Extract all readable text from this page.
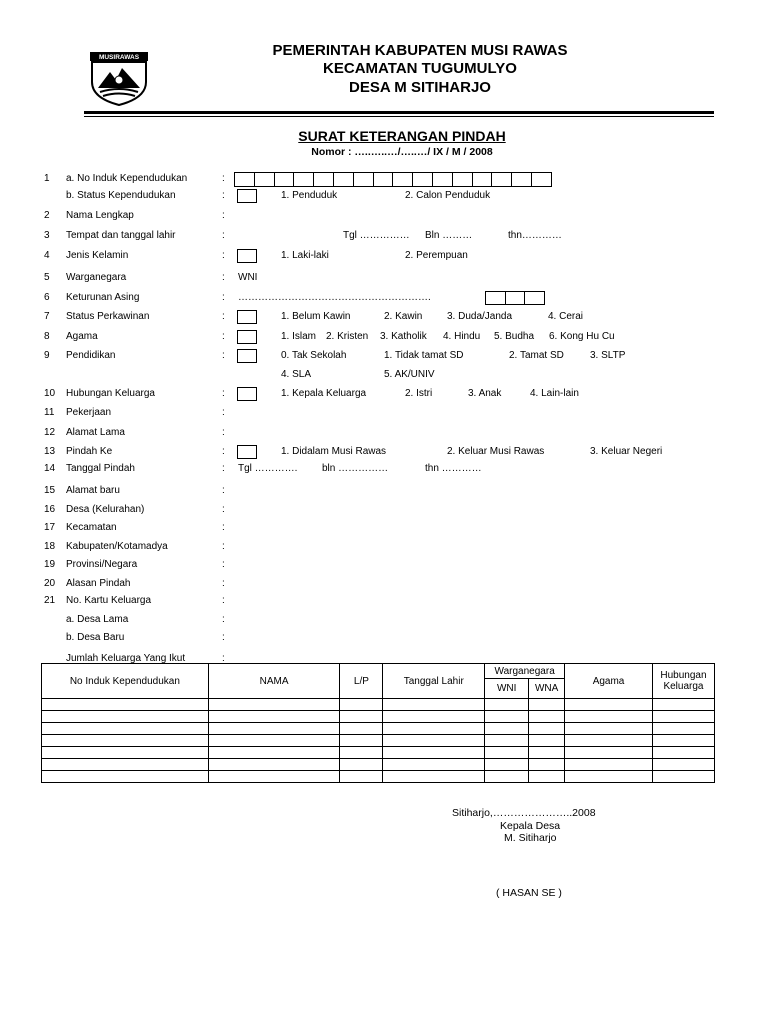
MUSIRAWAS	PEMERINTAH KABUPATEN MUSI RAWAS
KECAMATAN TUGUMULYO
DESA M SITIHARJO
SURAT KETERANGAN PINDAH
Nomor : …..…..…/…..…/ IX / M / 2008
1	a. No Induk Kependudukan	:
b. Status Kependudukan	:	1. Penduduk	2. Calon Penduduk
2	Nama Lengkap	:
3	Tempat dan tanggal lahir	:	Tgl …………… Bln ………	thn…………
4	Jenis Kelamin	:	1. Laki-laki	2. Perempuan
5	Warganegara	: WNI
6	Keturunan Asing	: ………………………………………………….
7	Status Perkawinan	:	1. Belum Kawin	2. Kawin 3. Duda/Janda	4. Cerai
8	Agama	:	1. Islam 2. Kristen 3. Katholik 4. Hindu 5. Budha 6. Kong Hu Cu
9	Pendidikan	:	0. Tak Sekolah	1. Tidak tamat SD	2. Tamat SD	3. SLTP
4. SLA	5. AK/UNIV
10	Hubungan Keluarga	:	1. Kepala Keluarga	2. Istri	3. Anak	4. Lain-lain
11	Pekerjaan	:
12	Alamat Lama	:
13	Pindah Ke	:	1. Didalam Musi Rawas	2. Keluar Musi Rawas	3. Keluar Negeri
14	Tanggal Pindah	: Tgl …………. bln ……………	thn …………
15	Alamat baru	:
16	Desa (Kelurahan)	:
17	Kecamatan	:
18	Kabupaten/Kotamadya	:
19	Provinsi/Negara	:
20	Alasan Pindah	:
21	No. Kartu Keluarga	:
a. Desa Lama	:
b. Desa Baru	:
Jumlah Keluarga Yang Ikut	:
No Induk Kependudukan	NAMA	L/P	Tanggal Lahir	Warganegara		Agama	Hubungan Keluarga
				WNI	WNA		

Sitiharjo,…………………..2008
Kepala Desa
M. Sitiharjo
( HASAN SE )
